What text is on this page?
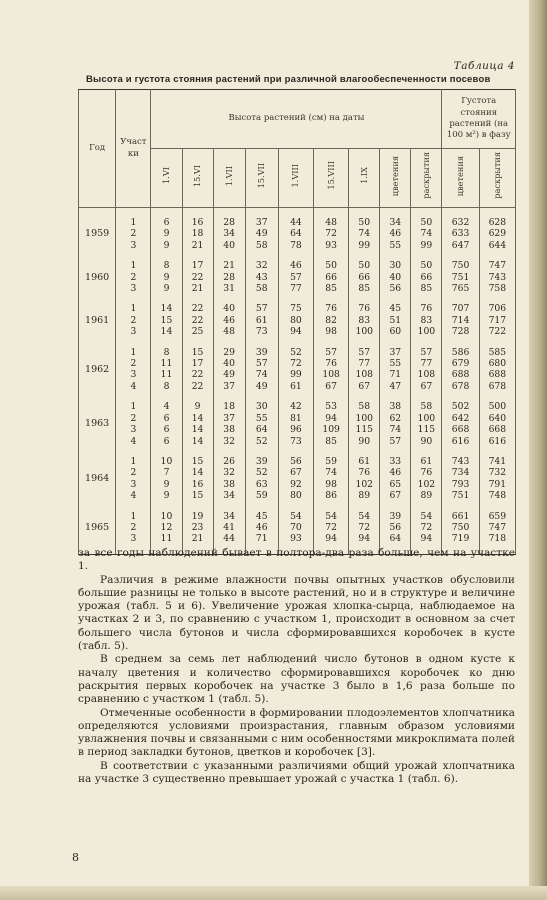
Таблица 4
Высота и густота стояния растений при различной влагообеспеченности посевов
Год	Участки	Высота растений (см) на даты									Густота стояния растений (на 100 м²) в фазу	
		1.VI	15.VI	1.VII	15.VII	1.VIII	15.VIII	1.IX	цветения	раскрытия	цветения	раскрытия

1959	1	6	16	28	37	44	48	50	34	50	632	628
	2	9	18	34	49	64	72	74	46	74	633	629
	3	9	21	40	58	78	93	99	55	99	647	644

1960	1	8	17	21	32	46	50	50	30	50	750	747
	2	9	22	28	43	57	66	66	40	66	751	743
	3	9	21	31	58	77	85	85	56	85	765	758

1961	1	14	22	40	57	75	76	76	45	76	707	706
	2	15	22	46	61	80	82	83	51	83	714	717
	3	14	25	48	73	94	98	100	60	100	728	722

1962	1	8	15	29	39	52	57	57	37	57	586	585
	2	11	17	40	57	72	76	77	55	77	679	680
	3	11	22	49	74	99	108	108	71	108	688	688
	4	8	22	37	49	61	67	67	47	67	678	678

1963	1	4	9	18	30	42	53	58	38	58	502	500
	2	6	14	37	55	81	94	100	62	100	642	640
	3	6	14	38	64	96	109	115	74	115	668	668
	4	6	14	32	52	73	85	90	57	90	616	616

1964	1	10	15	26	39	56	59	61	33	61	743	741
	2	7	14	32	52	67	74	76	46	76	734	732
	3	9	16	38	63	92	98	102	65	102	793	791
	4	9	15	34	59	80	86	89	67	89	751	748

1965	1	10	19	34	45	54	54	54	39	54	661	659
	2	12	23	41	46	70	72	72	56	72	750	747
	3	11	21	44	71	93	94	94	64	94	719	718

за все годы наблюдений бывает в полтора-два раза больше, чем на участке 1.

Различия в режиме влажности почвы опытных участков обусловили большие разницы не только в высоте растений, но и в структуре и величине урожая (табл. 5 и 6). Увеличение урожая хлопка-сырца, наблюдаемое на участках 2 и 3, по сравнению с участком 1, происходит в основном за счет большего числа бутонов и числа сформировавшихся коробочек в кусте (табл. 5).

В среднем за семь лет наблюдений число бутонов в одном кусте к началу цветения и количество сформировавшихся коробочек ко дню раскрытия первых коробочек на участке 3 было в 1,6 раза больше по сравнению с участком 1 (табл. 5).

Отмеченные особенности в формировании плодоэлементов хлопчатника определяются условиями произрастания, главным образом условиями увлажнения почвы и связанными с ним особенностями микроклимата полей в период закладки бутонов, цветков и коробочек [3].

В соответствии с указанными различиями общий урожай хлопчатника на участке 3 существенно превышает урожай с участка 1 (табл. 6).

8
